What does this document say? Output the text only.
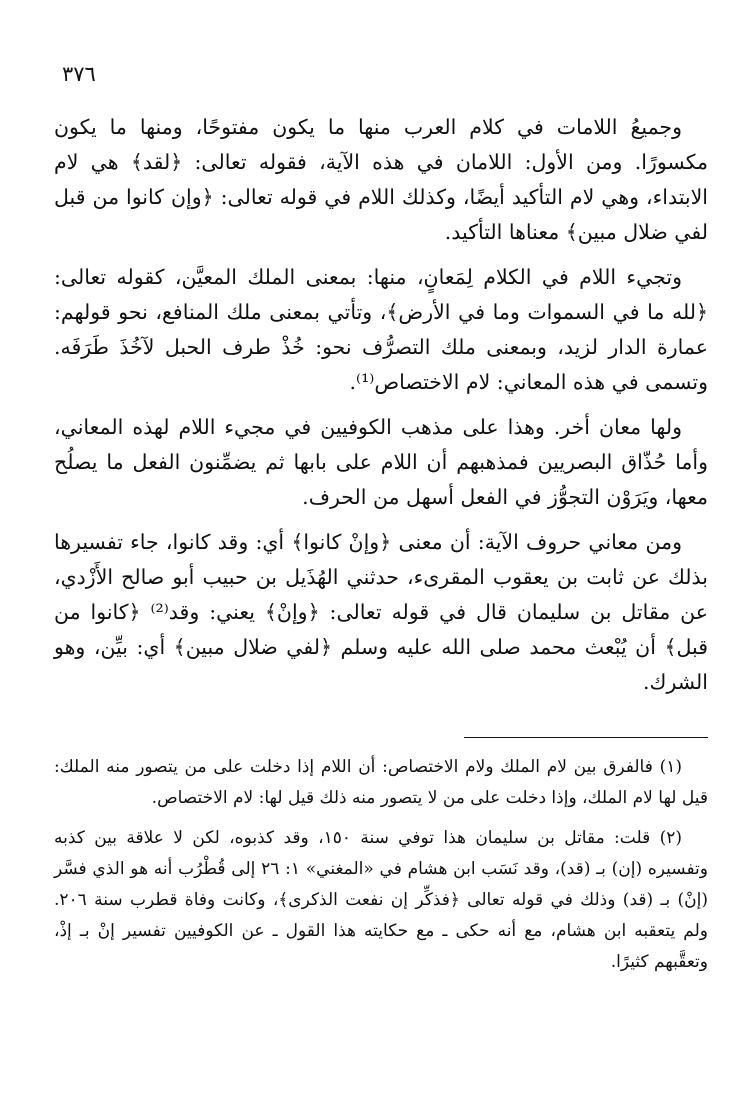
٣٧٦

وجميعُ اللامات في كلام العرب منها ما يكون مفتوحًا، ومنها ما يكون مكسورًا. ومن الأول: اللامان في هذه الآية، فقوله تعالى: ﴿لقد﴾ هي لام الابتداء، وهي لام التأكيد أيضًا، وكذلك اللام في قوله تعالى: ﴿وإن كانوا من قبل لفي ضلال مبين﴾ معناها التأكيد.

وتجيء اللام في الكلام لِمَعانٍ، منها: بمعنى الملك المعيَّن، كقوله تعالى: ﴿لله ما في السموات وما في الأرض﴾، وتأتي بمعنى ملك المنافع، نحو قولهم: عمارة الدار لزيد، وبمعنى ملك التصرُّف نحو: خُذْ طرف الحبل لآخُذَ طَرَفَه. وتسمى في هذه المعاني: لام الاختصاص⁽¹⁾.

ولها معان أخر. وهذا على مذهب الكوفيين في مجيء اللام لهذه المعاني، وأما حُذّاق البصريين فمذهبهم أن اللام على بابها ثم يضمِّنون الفعل ما يصلُح معها، ويَرَوْن التجوُّز في الفعل أسهل من الحرف.

ومن معاني حروف الآية: أن معنى ﴿وإنْ كانوا﴾ أي: وقد كانوا، جاء تفسيرها بذلك عن ثابت بن يعقوب المقرىء، حدثني الهُذَيل بن حبيب أبو صالح الأَزْدي، عن مقاتل بن سليمان قال في قوله تعالى: ﴿وإنْ﴾ يعني: وقد⁽²⁾ ﴿كانوا من قبل﴾ أن يُبْعث محمد صلى الله عليه وسلم ﴿لفي ضلال مبين﴾ أي: بيِّن، وهو الشرك.

(١) فالفرق بين لام الملك ولام الاختصاص: أن اللام إذا دخلت على من يتصور منه الملك: قيل لها لام الملك، وإذا دخلت على من لا يتصور منه ذلك قيل لها: لام الاختصاص.

(٢) قلت: مقاتل بن سليمان هذا توفي سنة ١٥٠، وقد كذبوه، لكن لا علاقة بين كذبه وتفسيره (إن) بـ (قد)، وقد نَسَب ابن هشام في «المغني» ١: ٢٦ إلى قُطْرُب أنه هو الذي فسَّر (إنْ) بـ (قد) وذلك في قوله تعالى ﴿فذكِّر إن نفعت الذكرى﴾، وكانت وفاة قطرب سنة ٢٠٦. ولم يتعقبه ابن هشام، مع أنه حكى ـ مع حكايته هذا القول ـ عن الكوفيين تفسير إنْ بـ إذْ، وتعقَّبهم كثيرًا.
